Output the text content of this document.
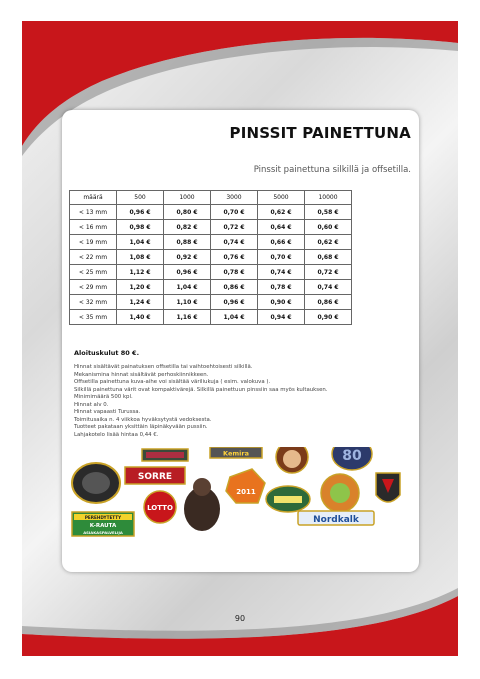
PINSSIT PAINETTUNA
Pinssit painettuna silkillä ja offsetilla.
määrä	500	1000	3000	5000	10000
< 13 mm	0,96 €	0,80 €	0,70 €	0,62 €	0,58 €
< 16 mm	0,98 €	0,82 €	0,72 €	0,64 €	0,60 €
< 19 mm	1,04 €	0,88 €	0,74 €	0,66 €	0,62 €
< 22 mm	1,08 €	0,92 €	0,76 €	0,70 €	0,68 €
< 25 mm	1,12 €	0,96 €	0,78 €	0,74 €	0,72 €
< 29 mm	1,20 €	1,04 €	0,86 €	0,78 €	0,74 €
< 32 mm	1,24 €	1,10 €	0,96 €	0,90 €	0,86 €
< 35 mm	1,40 €	1,16 €	1,04 €	0,94 €	0,90 €
Aloituskulut 80 €.
Hinnat sisältävät painatuksen offsetilla tai vaihtoehtoisesti silkillä.
Mekanismina hinnat sisältävät perhoskiinnikkeen.
Offsetilla painettuna kuva-aihe voi sisältää väriliukuja ( esim. valokuva ).
Silkillä painettuna värit ovat kompaktivärejä. Silkillä painettuun pinssiin saa myös kultauksen.
Minimimäärä 500 kpl.
Hinnat alv 0.
Hinnat vapaasti Turussa.
Toimitusaika n. 4 viikkoa hyväksytystä vedoksesta.
Tuotteet pakataan yksittäin läpinäkyvään pussiin.
Lahjakotelo lisää hintaa 0,44 €.
SORRE
Kemira	80
2011
LOTTO
PEREHDYTETTY
K-RAUTA
ASIAKASPALVELIJA
Nordkalk
90
